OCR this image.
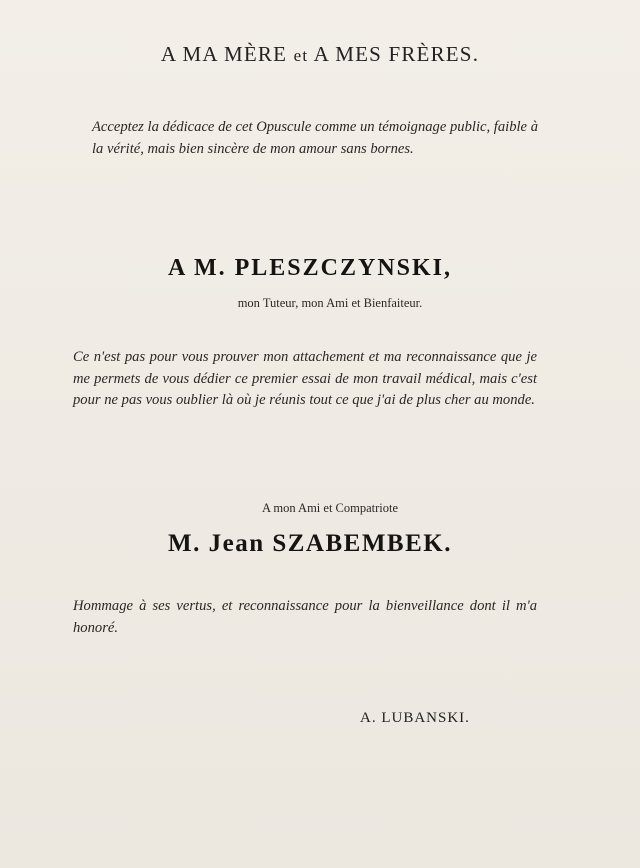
A MA MÈRE et A MES FRÈRES.
Acceptez la dédicace de cet Opuscule comme un témoignage public, faible à la vérité, mais bien sincère de mon amour sans bornes.
A M. PLESZCZYNSKI,
mon Tuteur, mon Ami et Bienfaiteur.
Ce n'est pas pour vous prouver mon attachement et ma reconnaissance que je me permets de vous dédier ce premier essai de mon travail médical, mais c'est pour ne pas vous oublier là où je réunis tout ce que j'ai de plus cher au monde.
A mon Ami et Compatriote
M. Jean SZABEMBEK.
Hommage à ses vertus, et reconnaissance pour la bienveillance dont il m'a honoré.
A. LUBANSKI.
